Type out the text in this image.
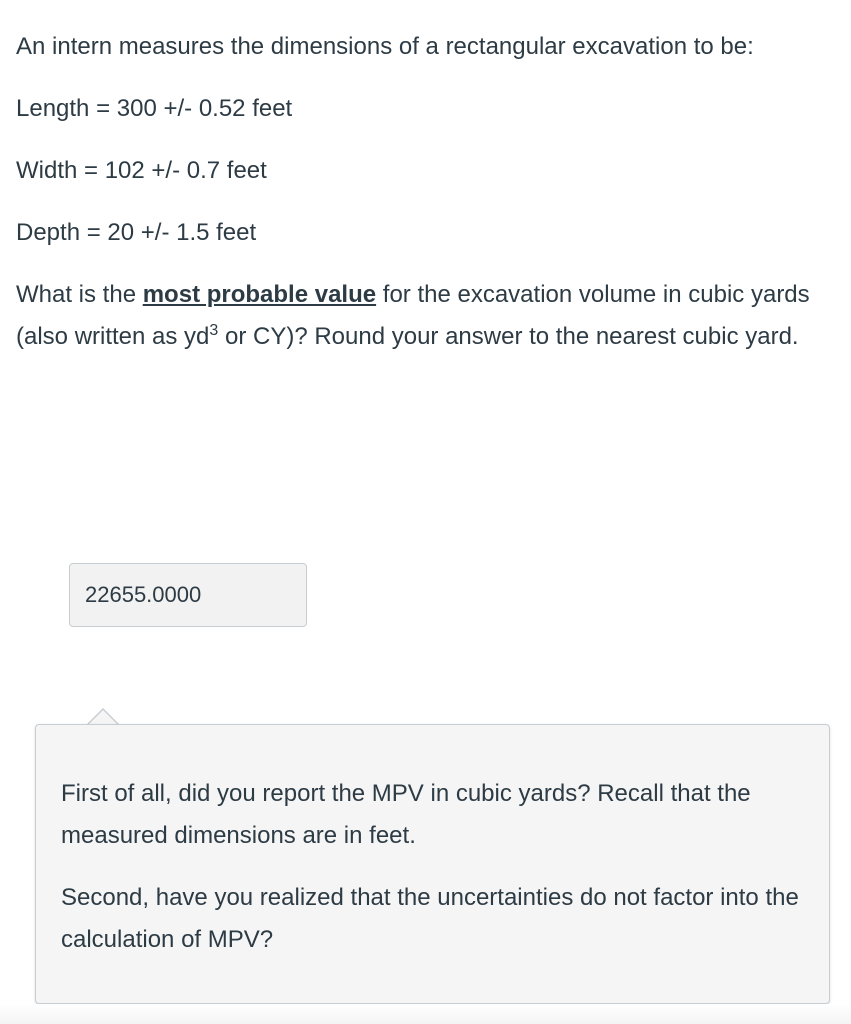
An intern measures the dimensions of a rectangular excavation to be:

Length = 300 +/- 0.52 feet

Width = 102 +/- 0.7 feet

Depth = 20 +/- 1.5 feet

What is the most probable value for the excavation volume in cubic yards (also written as $yd^3$ or CY)? Round your answer to the nearest cubic yard.

22655.0000

First of all, did you report the MPV in cubic yards? Recall that the measured dimensions are in feet.

Second, have you realized that the uncertainties do not factor into the calculation of MPV?
